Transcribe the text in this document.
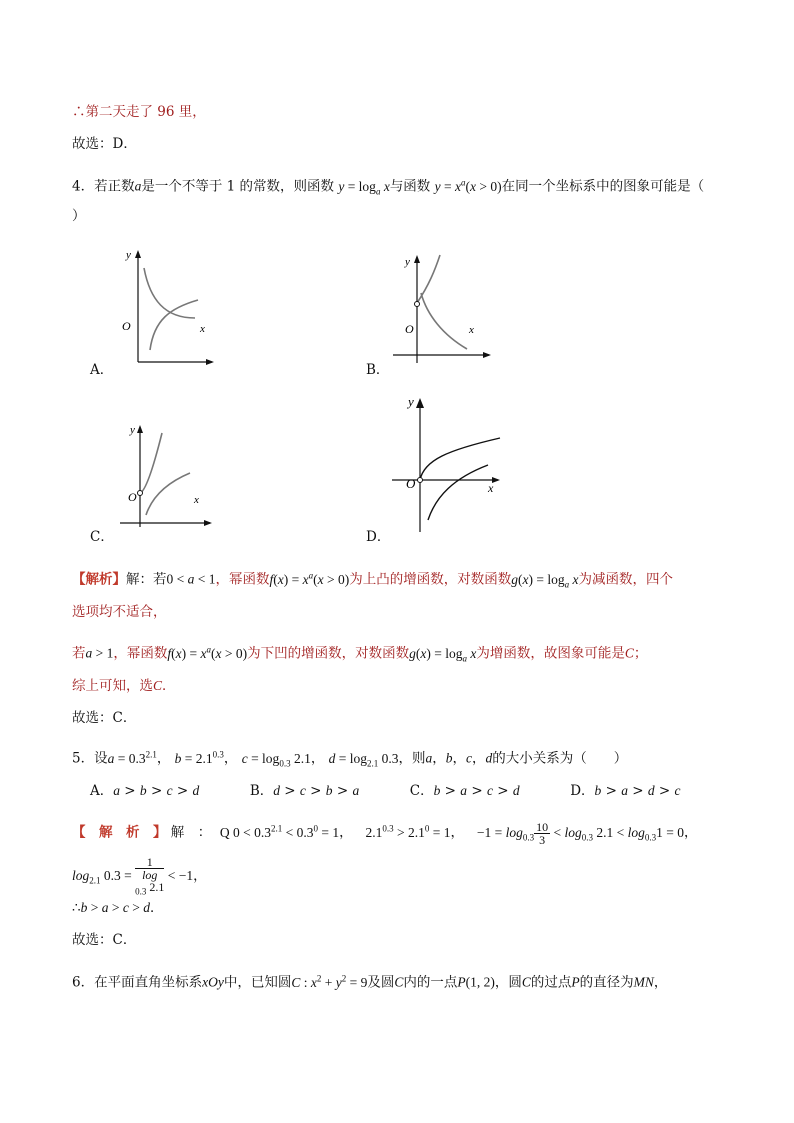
∴第二天走了 96 里，
故选：D．
4．若正数a是一个不等于 1 的常数，则函数 $y = \log_a x$与函数 $y = x^a(x > 0)$在同一个坐标系中的图象可能是（
）
y
O	x
A．
y
O	x
B．
y
O	x
C．
y
O	x
D．
【解析】解：若0 < a < 1，幂函数$f(x) = x^a(x > 0)$为上凸的增函数，对数函数$g(x) = \log_a x$为减函数，四个
选项均不适合，
若a > 1，幂函数$f(x) = x^a(x > 0)$为下凹的增函数，对数函数$g(x) = \log_a x$为增函数，故图象可能是C；
综上可知，选C．
故选：C．
5．设$a = 0.3^{2.1}$， $b = 2.1^{0.3}$， $c = \log_{0.3} 2.1$， $d = \log_{2.1} 0.3$，则a，b，c，d的大小关系为（　　）
A．a > b > c > d	B．d > c > b > a	C．b > a > c > d	D．b > a > d > c
【　解　析　】 解　： Q $0 < 0.3^{2.1} < 0.3^0 = 1$，   $2.1^{0.3} > 2.1^0 = 1$，   $-1 = \log_{0.3} \frac{10}{3} < \log_{0.3} 2.1 < \log_{0.3}1 = 0$，
$\log_{2.1} 0.3 = 1$
log
$_{0.3}$ 2.1 < −1，
∴b > a > c > d．
故选：C．
6．在平面直角坐标系xOy中，已知圆C : $x^2 + y^2 = 9$及圆C内的一点P(1, 2)，圆C的过点P的直径为MN，
